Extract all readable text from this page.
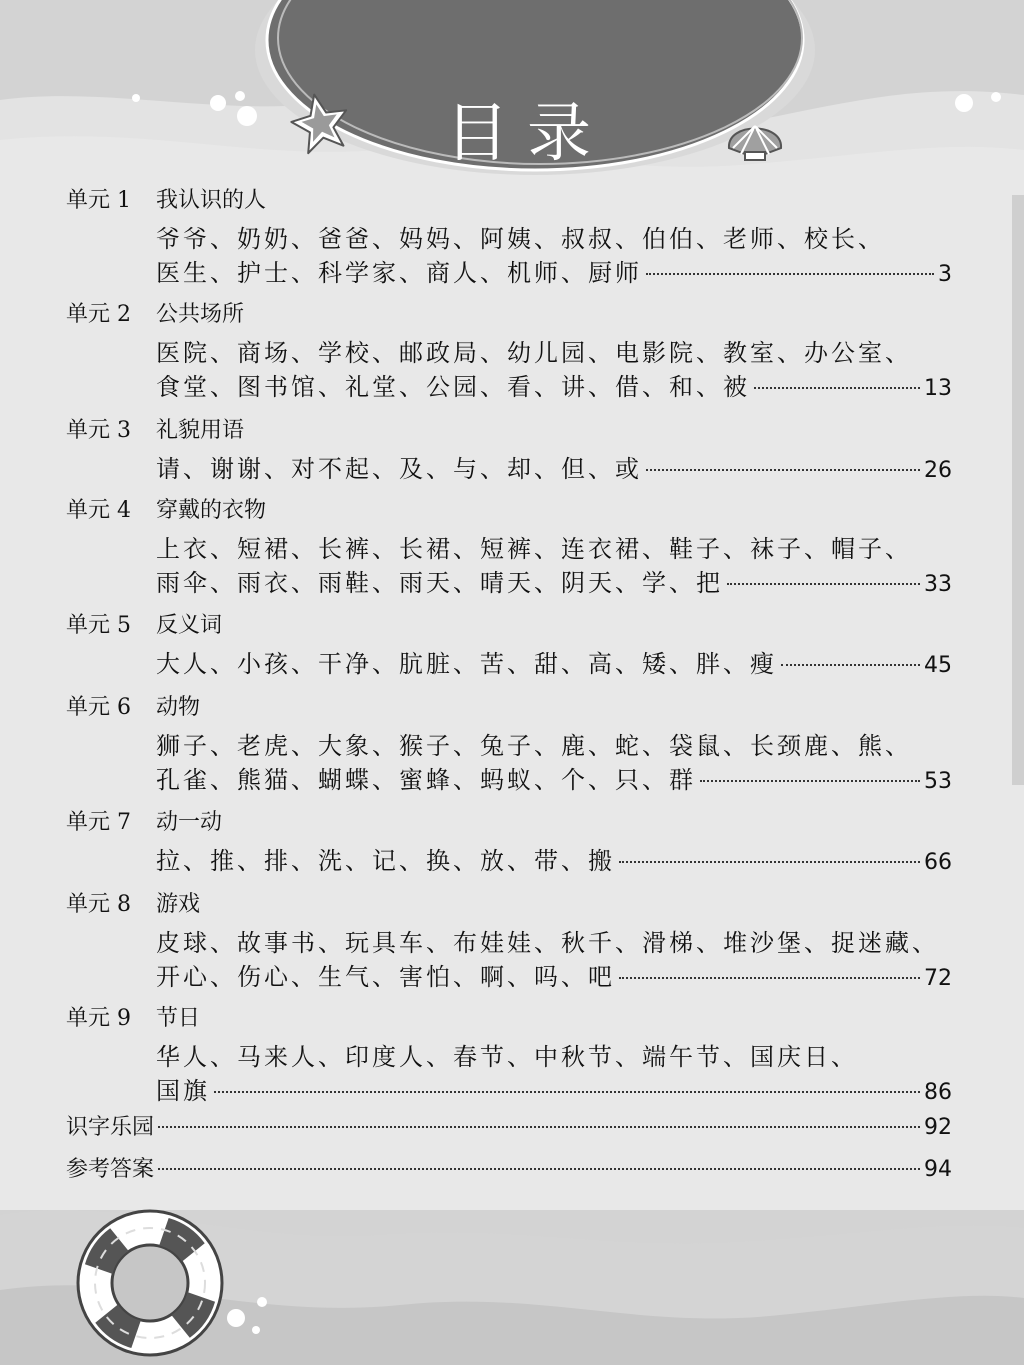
目录
单元 1	我认识的人
爷爷、奶奶、爸爸、妈妈、阿姨、叔叔、伯伯、老师、校长、
医生、护士、科学家、商人、机师、厨师	3
单元 2	公共场所
医院、商场、学校、邮政局、幼儿园、电影院、教室、办公室、
食堂、图书馆、礼堂、公园、看、讲、借、和、被	13
单元 3	礼貌用语
请、谢谢、对不起、及、与、却、但、或	26
单元 4	穿戴的衣物
上衣、短裙、长裤、长裙、短裤、连衣裙、鞋子、袜子、帽子、
雨伞、雨衣、雨鞋、雨天、晴天、阴天、学、把	33
单元 5	反义词
大人、小孩、干净、肮脏、苦、甜、高、矮、胖、瘦	45
单元 6	动物
狮子、老虎、大象、猴子、兔子、鹿、蛇、袋鼠、长颈鹿、熊、
孔雀、熊猫、蝴蝶、蜜蜂、蚂蚁、个、只、群	53
单元 7	动一动
拉、推、排、洗、记、换、放、带、搬	66
单元 8	游戏
皮球、故事书、玩具车、布娃娃、秋千、滑梯、堆沙堡、捉迷藏、
开心、伤心、生气、害怕、啊、吗、吧	72
单元 9	节日
华人、马来人、印度人、春节、中秋节、端午节、国庆日、
国旗	86
识字乐园	92
参考答案	94
